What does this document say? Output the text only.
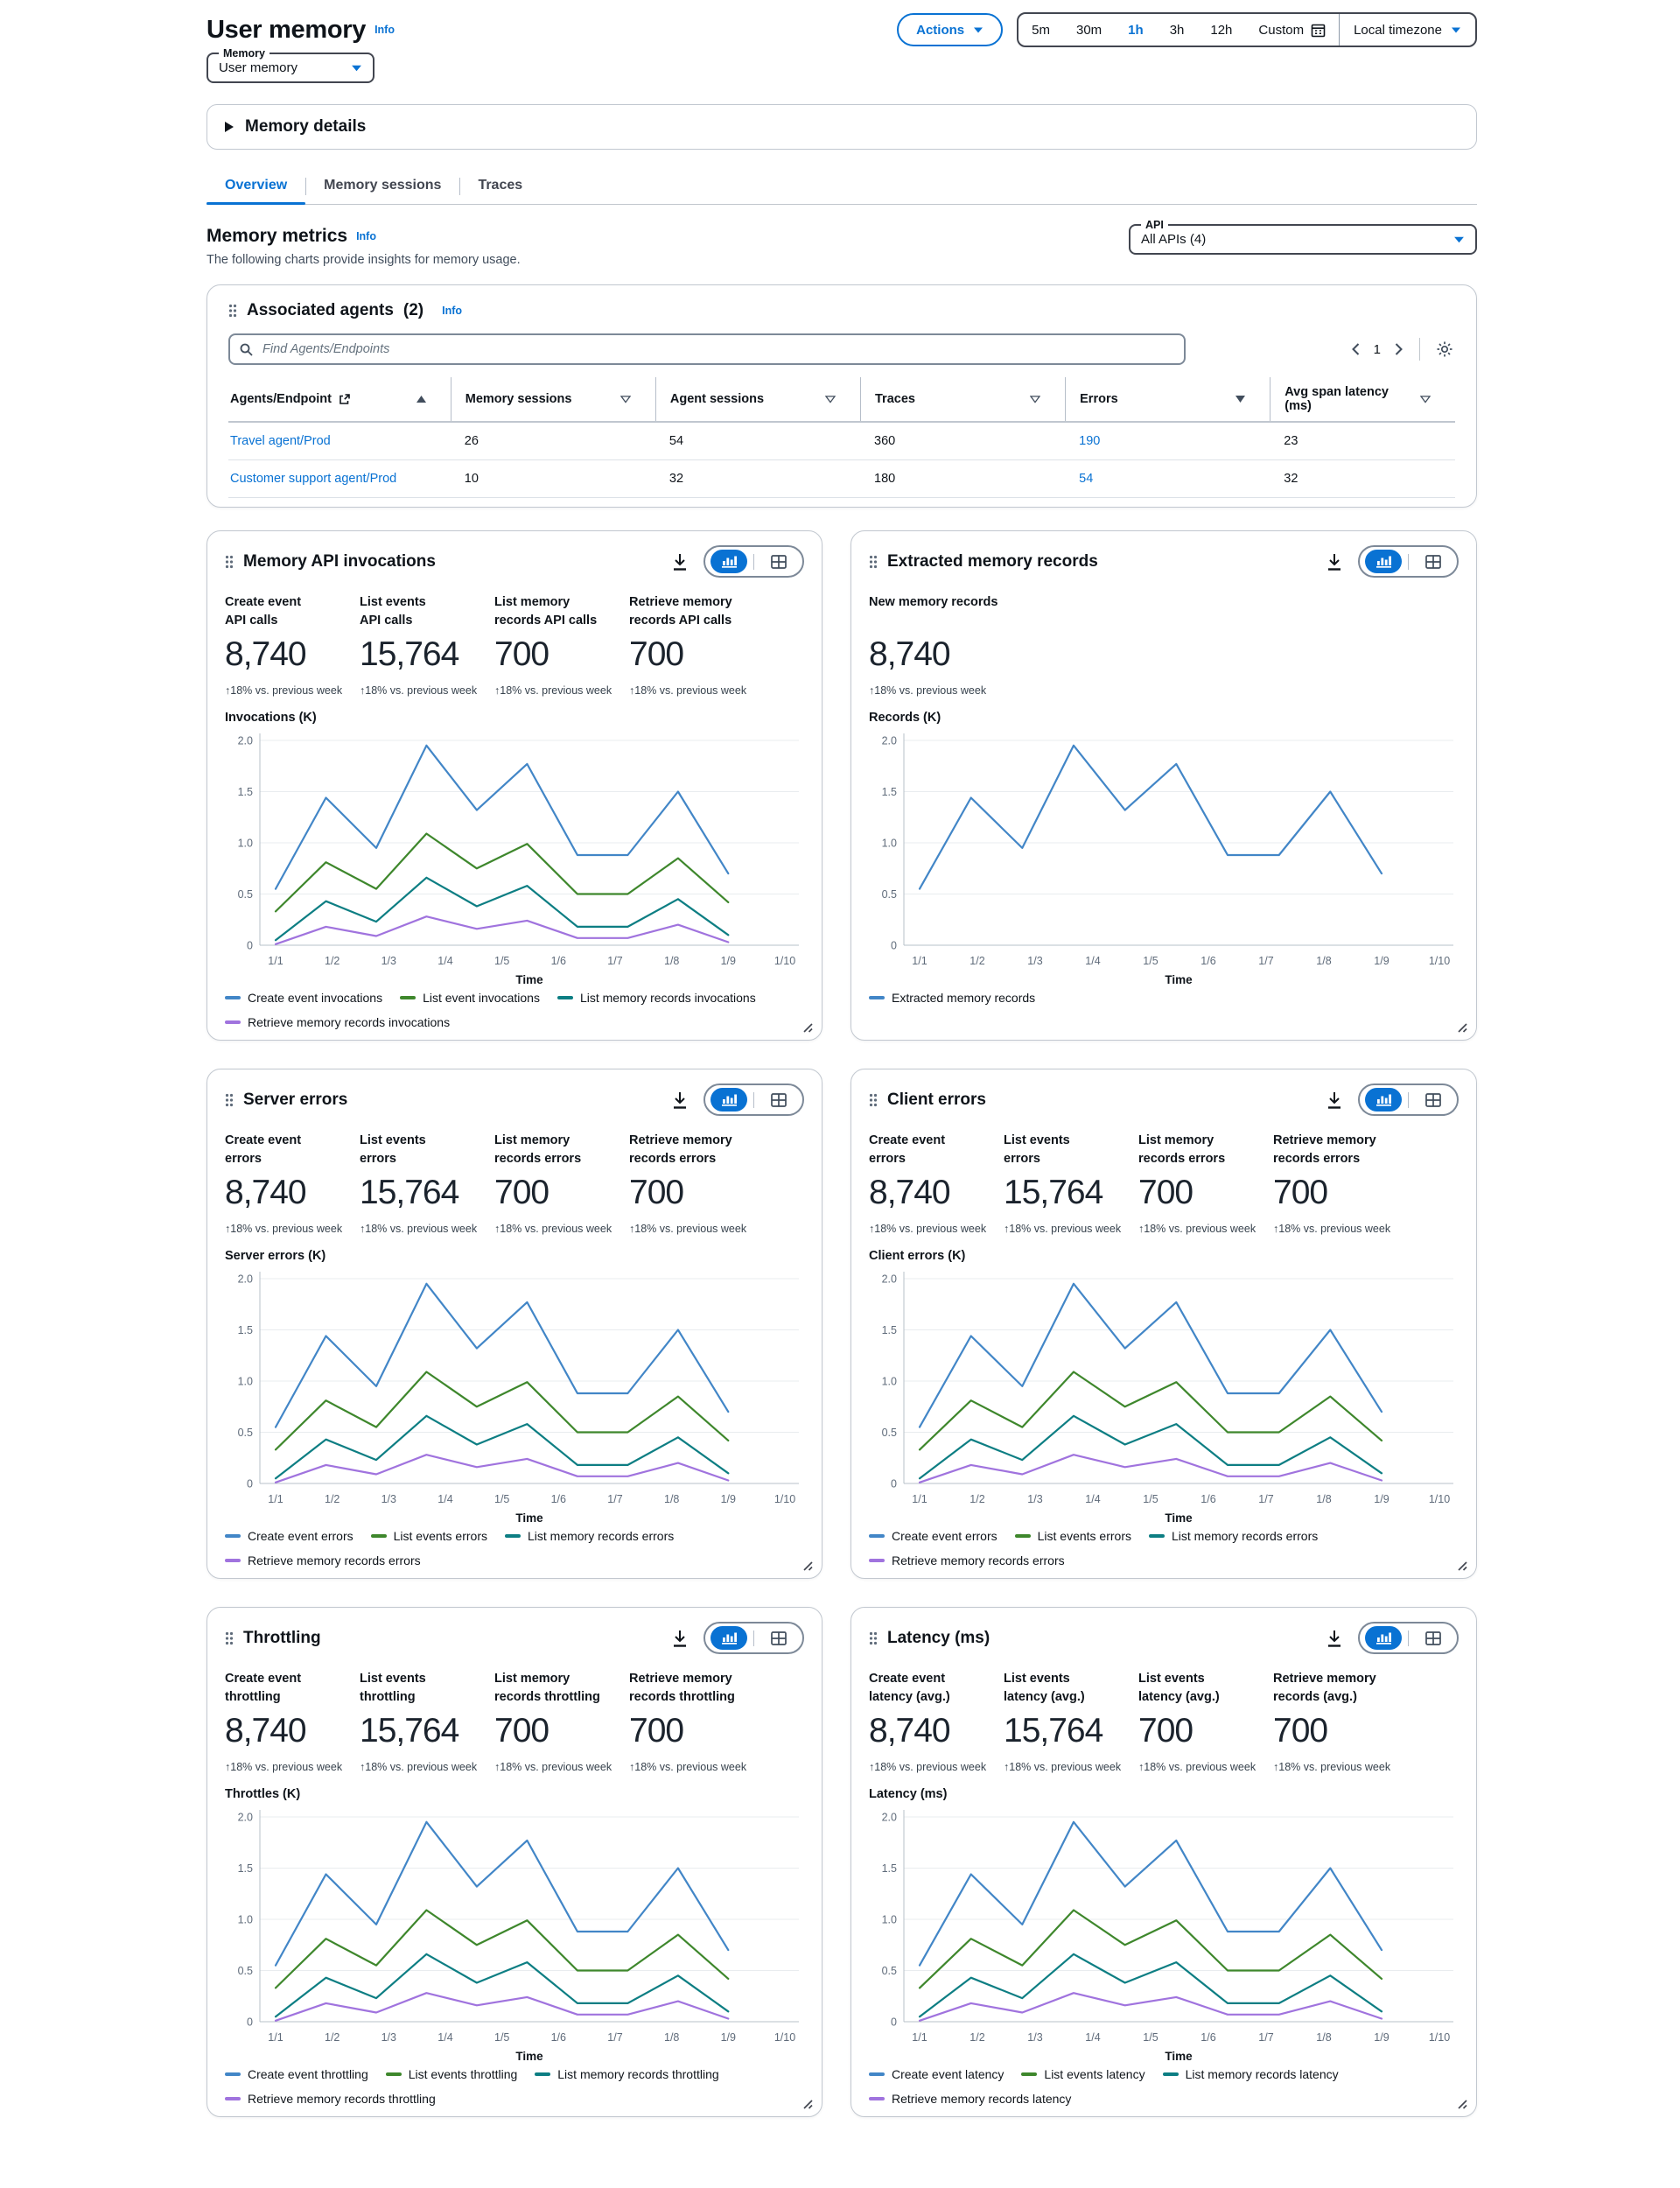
User memory Info	Actions	5m 30m 1h 3h 12h Custom	Local timezone
Memory
User memory
Memory details
Overview	Memory sessions	Traces
Memory metrics Info

The following charts provide insights for memory usage.

API
All APIs (4)
Associated agents (2) Info
Find Agents/Endpoints
1
Agents/Endpoint	Memory sessions	Agent sessions	Traces	Errors	Avg span latency (ms)
Travel agent/Prod	26	54	360	190	23
Customer support agent/Prod	10	32	180	54	32
Memory API invocations
Create event
API calls
8,740
↑18% vs. previous week
List events
API calls
15,764
↑18% vs. previous week
List memory
records API calls
700
↑18% vs. previous week
Retrieve memory
records API calls
700
↑18% vs. previous week
Invocations (K)
2.0
1.5
1.0
0.5
0
1/1	1/2	1/3	1/4	1/5	1/6	1/7	1/8	1/9	1/10
Time
Create event invocations	List event invocations	List memory records invocations
Retrieve memory records invocations
Extracted memory records
New memory records
8,740
↑18% vs. previous week
Records (K)
2.0
1.5
1.0
0.5
0
1/1	1/2	1/3	1/4	1/5	1/6	1/7	1/8	1/9	1/10
Time
Extracted memory records
Server errors
Create event
errors
8,740
↑18% vs. previous week
List events
errors
15,764
↑18% vs. previous week
List memory
records errors
700
↑18% vs. previous week
Retrieve memory
records errors
700
↑18% vs. previous week
Server errors (K)
2.0
1.5
1.0
0.5
0
1/1	1/2	1/3	1/4	1/5	1/6	1/7	1/8	1/9	1/10
Time
Create event errors	List events errors	List memory records errors
Retrieve memory records errors
Client errors
Create event
errors
8,740
↑18% vs. previous week
List events
errors
15,764
↑18% vs. previous week
List memory
records errors
700
↑18% vs. previous week
Retrieve memory
records errors
700
↑18% vs. previous week
Client errors (K)
2.0
1.5
1.0
0.5
0
1/1	1/2	1/3	1/4	1/5	1/6	1/7	1/8	1/9	1/10
Time
Create event errors	List events errors	List memory records errors
Retrieve memory records errors
Throttling
Create event
throttling
8,740
↑18% vs. previous week
List events
throttling
15,764
↑18% vs. previous week
List memory
records throttling
700
↑18% vs. previous week
Retrieve memory
records throttling
700
↑18% vs. previous week
Throttles (K)
2.0
1.5
1.0
0.5
0
1/1	1/2	1/3	1/4	1/5	1/6	1/7	1/8	1/9	1/10
Time
Create event throttling	List events throttling	List memory records throttling
Retrieve memory records throttling
Latency (ms)
Create event
latency (avg.)
8,740
↑18% vs. previous week
List events
latency (avg.)
15,764
↑18% vs. previous week
List events
latency (avg.)
700
↑18% vs. previous week
Retrieve memory
records (avg.)
700
↑18% vs. previous week
Latency (ms)
2.0
1.5
1.0
0.5
0
1/1	1/2	1/3	1/4	1/5	1/6	1/7	1/8	1/9	1/10
Time
Create event latency	List events latency	List memory records latency
Retrieve memory records latency
